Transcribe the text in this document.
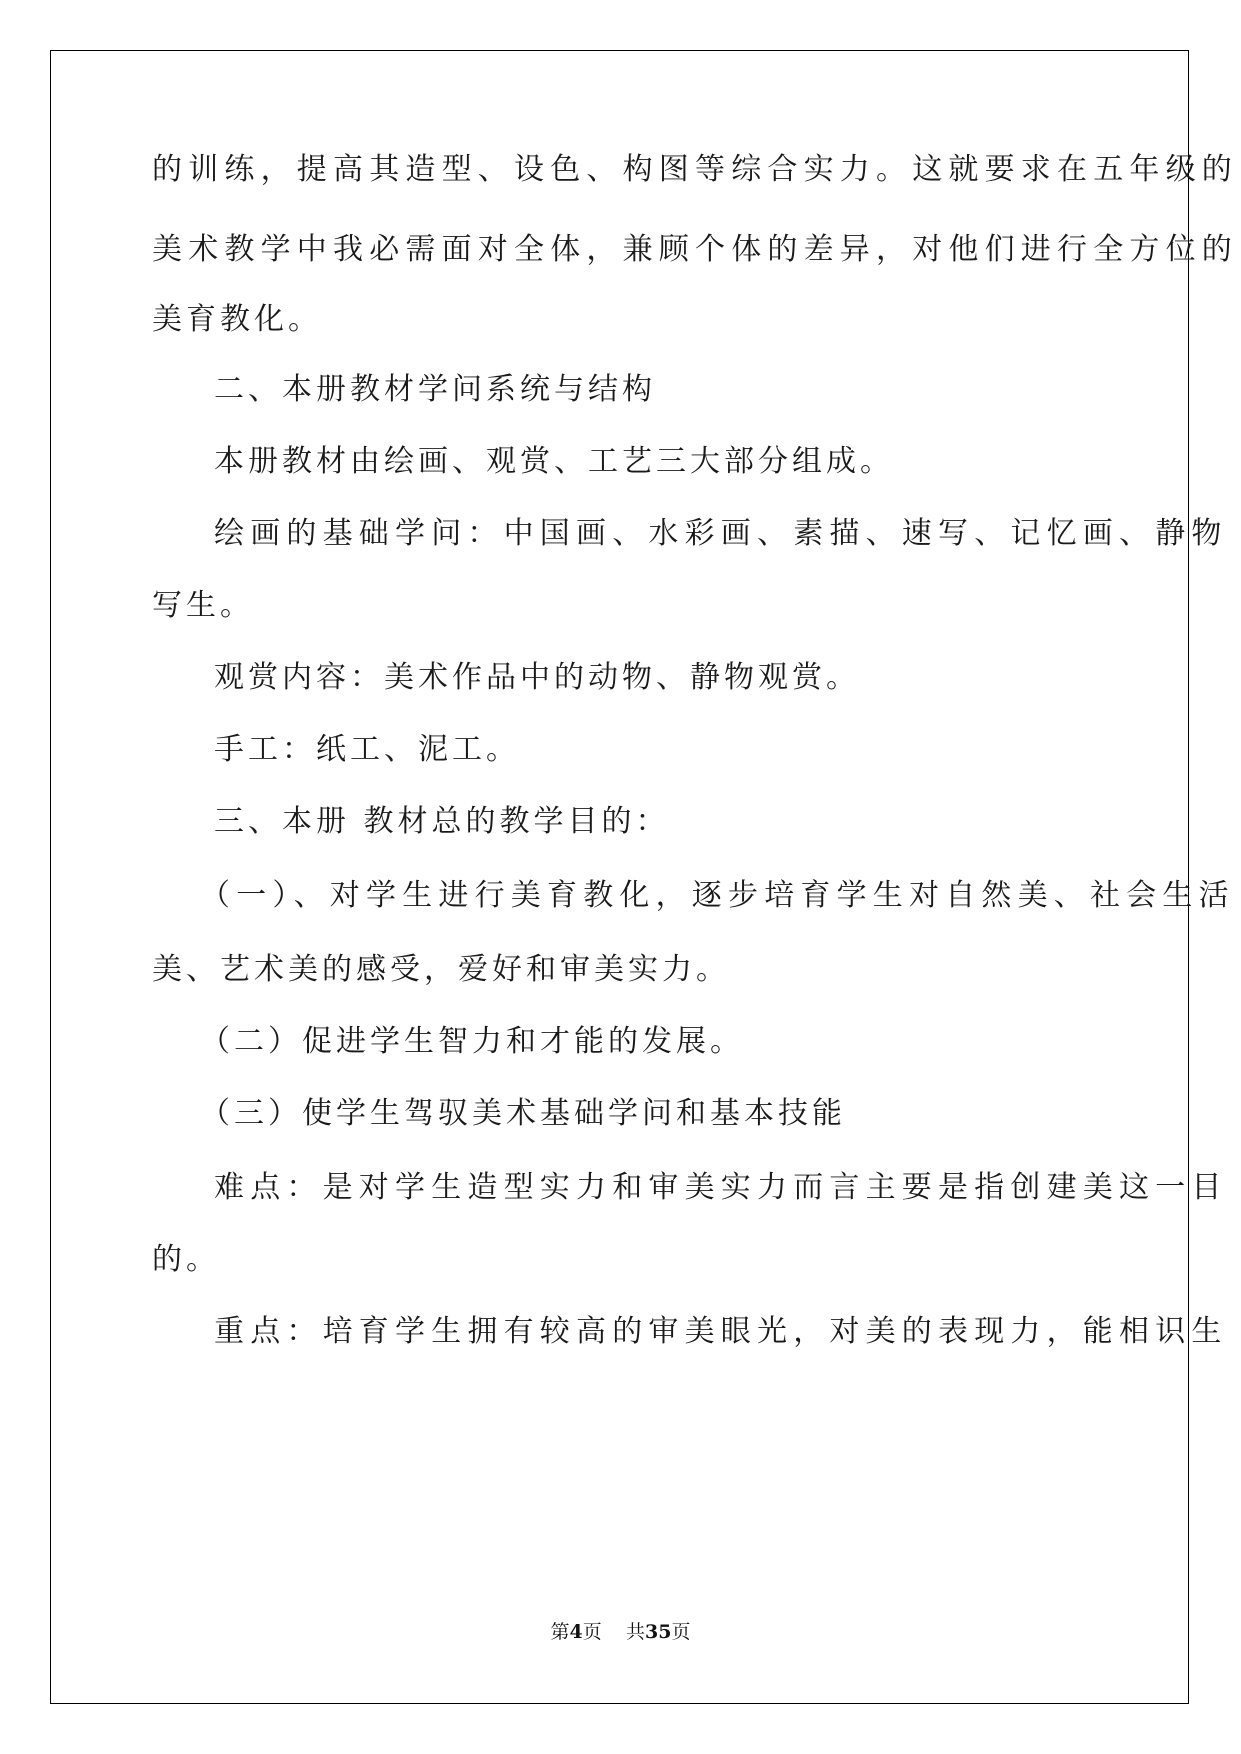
的训练，提高其造型、设色、构图等综合实力。这就要求在五年级的
美术教学中我必需面对全体，兼顾个体的差异，对他们进行全方位的
美育教化。
二、本册教材学问系统与结构
本册教材由绘画、观赏、工艺三大部分组成。
绘画的基础学问：中国画、水彩画、素描、速写、记忆画、静物
写生。
观赏内容：美术作品中的动物、静物观赏。
手工：纸工、泥工。
三、本册 教材总的教学目的：
（一）、对学生进行美育教化，逐步培育学生对自然美、社会生活
美、艺术美的感受，爱好和审美实力。
（二）促进学生智力和才能的发展。
（三）使学生驾驭美术基础学问和基本技能
难点：是对学生造型实力和审美实力而言主要是指创建美这一目
的。
重点：培育学生拥有较高的审美眼光，对美的表现力，能相识生
第4页 共35页
